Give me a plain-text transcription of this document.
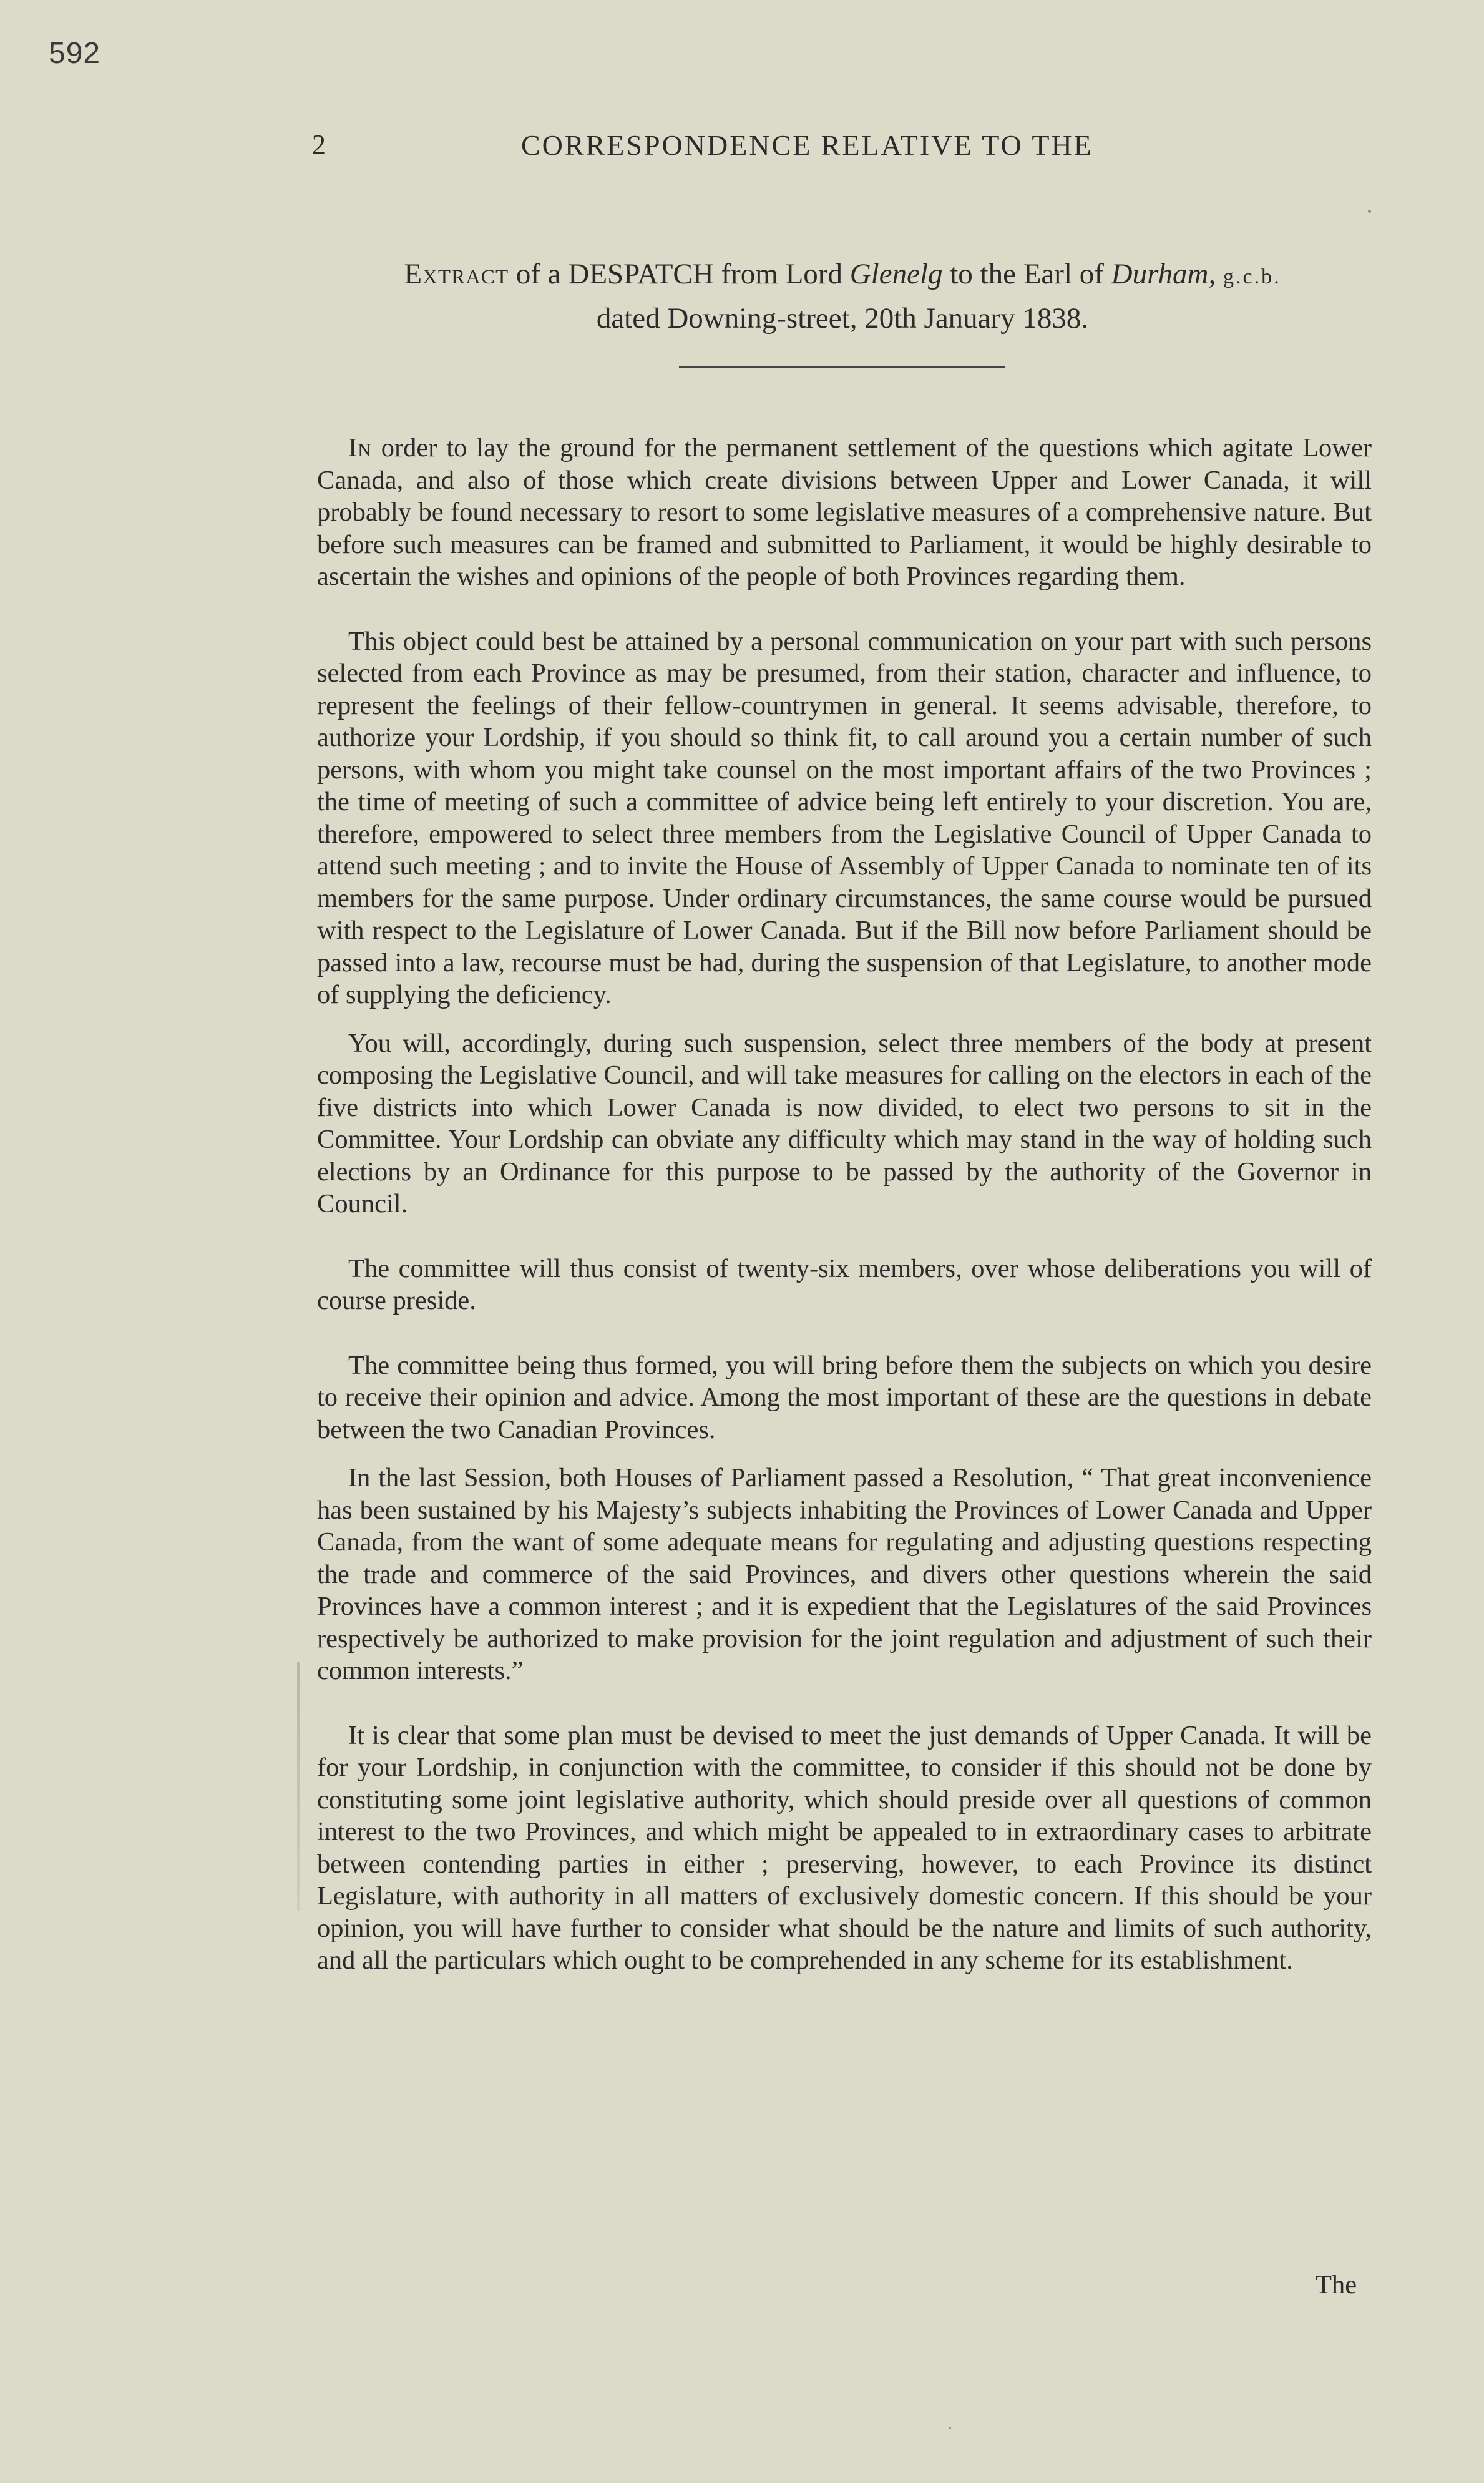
592
2	CORRESPONDENCE RELATIVE TO THE
Extract of a DESPATCH from Lord Glenelg to the Earl of Durham, g.c.b.
dated Downing-street, 20th January 1838.

In order to lay the ground for the permanent settlement of the questions which agitate Lower Canada, and also of those which create divisions between Upper and Lower Canada, it will probably be found necessary to resort to some legislative measures of a comprehensive nature. But before such measures can be framed and submitted to Parliament, it would be highly desirable to ascertain the wishes and opinions of the people of both Provinces regarding them.

This object could best be attained by a personal communication on your part with such persons selected from each Province as may be presumed, from their station, character and influence, to represent the feelings of their fellow-countrymen in general. It seems advisable, therefore, to authorize your Lordship, if you should so think fit, to call around you a certain number of such persons, with whom you might take counsel on the most important affairs of the two Provinces ; the time of meeting of such a committee of advice being left entirely to your discretion. You are, therefore, empowered to select three members from the Legislative Council of Upper Canada to attend such meeting ; and to invite the House of Assembly of Upper Canada to nominate ten of its members for the same purpose. Under ordinary circumstances, the same course would be pursued with respect to the Legislature of Lower Canada. But if the Bill now before Parliament should be passed into a law, recourse must be had, during the suspension of that Legislature, to another mode of supplying the deficiency.

You will, accordingly, during such suspension, select three members of the body at present composing the Legislative Council, and will take measures for calling on the electors in each of the five districts into which Lower Canada is now divided, to elect two persons to sit in the Committee. Your Lordship can obviate any difficulty which may stand in the way of holding such elections by an Ordinance for this purpose to be passed by the authority of the Governor in Council.

The committee will thus consist of twenty-six members, over whose deliberations you will of course preside.

The committee being thus formed, you will bring before them the subjects on which you desire to receive their opinion and advice. Among the most important of these are the questions in debate between the two Canadian Provinces.

In the last Session, both Houses of Parliament passed a Resolution, “ That great inconvenience has been sustained by his Majesty’s subjects inhabiting the Provinces of Lower Canada and Upper Canada, from the want of some adequate means for regulating and adjusting questions respecting the trade and commerce of the said Provinces, and divers other questions wherein the said Provinces have a common interest ; and it is expedient that the Legislatures of the said Provinces respectively be authorized to make provision for the joint regulation and adjustment of such their common interests.”

It is clear that some plan must be devised to meet the just demands of Upper Canada. It will be for your Lordship, in conjunction with the committee, to consider if this should not be done by constituting some joint legislative authority, which should preside over all questions of common interest to the two Provinces, and which might be appealed to in extraordinary cases to arbitrate between contending parties in either ; preserving, however, to each Province its distinct Legislature, with authority in all matters of exclusively domestic concern. If this should be your opinion, you will have further to consider what should be the nature and limits of such authority, and all the particulars which ought to be comprehended in any scheme for its establishment.

The
